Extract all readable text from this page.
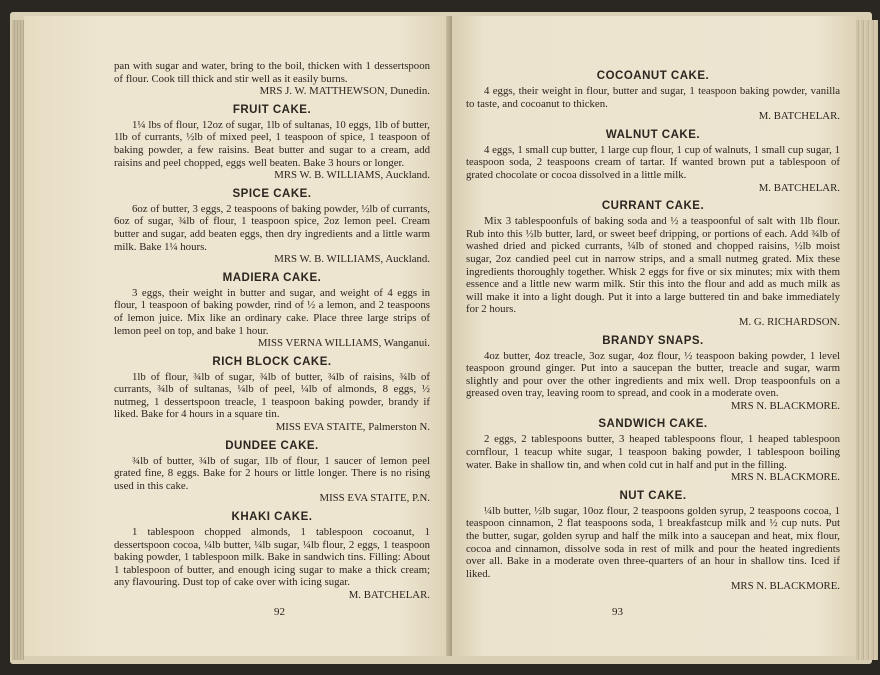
pan with sugar and water, bring to the boil, thicken with 1 dessertspoon of flour. Cook till thick and stir well as it easily burns.

MRS J. W. MATTHEWSON, Dunedin.

FRUIT CAKE.

1¼ lbs of flour, 12oz of sugar, 1lb of sultanas, 10 eggs, 1lb of butter, 1lb of currants, ½lb of mixed peel, 1 teaspoon of spice, 1 teaspoon of baking powder, a few raisins. Beat butter and sugar to a cream, add raisins and peel chopped, eggs well beaten. Bake 3 hours or longer.

MRS W. B. WILLIAMS, Auckland.

SPICE CAKE.

6oz of butter, 3 eggs, 2 teaspoons of baking powder, ½lb of currants, 6oz of sugar, ¾lb of flour, 1 teaspoon spice, 2oz lemon peel. Cream butter and sugar, add beaten eggs, then dry ingredients and a little warm milk. Bake 1¼ hours.

MRS W. B. WILLIAMS, Auckland.

MADIERA CAKE.

3 eggs, their weight in butter and sugar, and weight of 4 eggs in flour, 1 teaspoon of baking powder, rind of ½ a lemon, and 2 teaspoons of lemon juice. Mix like an ordinary cake. Place three large strips of lemon peel on top, and bake 1 hour.

MISS VERNA WILLIAMS, Wanganui.

RICH BLOCK CAKE.

1lb of flour, ¾lb of sugar, ¾lb of butter, ¾lb of raisins, ¾lb of currants, ¾lb of sultanas, ¼lb of peel, ¼lb of almonds, 8 eggs, ½ nutmeg, 1 dessertspoon treacle, 1 teaspoon baking powder, brandy if liked. Bake for 4 hours in a square tin.

MISS EVA STAITE, Palmerston N.

DUNDEE CAKE.

¾lb of butter, ¾lb of sugar, 1lb of flour, 1 saucer of lemon peel grated fine, 8 eggs. Bake for 2 hours or little longer. There is no rising used in this cake.

MISS EVA STAITE, P.N.

KHAKI CAKE.

1 tablespoon chopped almonds, 1 tablespoon cocoanut, 1 dessertspoon cocoa, ¼lb butter, ¼lb sugar, ¼lb flour, 2 eggs, 1 teaspoon baking powder, 1 tablespoon milk. Bake in sandwich tins. Filling: About 1 tablespoon of butter, and enough icing sugar to make a thick cream; any flavouring. Dust top of cake over with icing sugar.

M. BATCHELAR.

92

COCOANUT CAKE.

4 eggs, their weight in flour, butter and sugar, 1 teaspoon baking powder, vanilla to taste, and cocoanut to thicken.

M. BATCHELAR.

WALNUT CAKE.

4 eggs, 1 small cup butter, 1 large cup flour, 1 cup of walnuts, 1 small cup sugar, 1 teaspoon soda, 2 teaspoons cream of tartar. If wanted brown put a tablespoon of grated chocolate or cocoa dissolved in a little milk.

M. BATCHELAR.

CURRANT CAKE.

Mix 3 tablespoonfuls of baking soda and ½ a teaspoonful of salt with 1lb flour. Rub into this ½lb butter, lard, or sweet beef dripping, or portions of each. Add ¾lb of washed dried and picked currants, ¼lb of stoned and chopped raisins, ½lb moist sugar, 2oz candied peel cut in narrow strips, and a small nutmeg grated. Mix these ingredients thoroughly together. Whisk 2 eggs for five or six minutes; mix with them essence and a little new warm milk. Stir this into the flour and add as much milk as will make it into a light dough. Put it into a large buttered tin and bake immediately for 2 hours.

M. G. RICHARDSON.

BRANDY SNAPS.

4oz butter, 4oz treacle, 3oz sugar, 4oz flour, ½ teaspoon baking powder, 1 level teaspoon ground ginger. Put into a saucepan the butter, treacle and sugar, warm slightly and pour over the other ingredients and mix well. Drop teaspoonfuls on a greased oven tray, leaving room to spread, and cook in a moderate oven.

MRS N. BLACKMORE.

SANDWICH CAKE.

2 eggs, 2 tablespoons butter, 3 heaped tablespoons flour, 1 heaped tablespoon cornflour, 1 teacup white sugar, 1 teaspoon baking powder, 1 tablespoon boiling water. Bake in shallow tin, and when cold cut in half and put in the filling.

MRS N. BLACKMORE.

NUT CAKE.

¼lb butter, ½lb sugar, 10oz flour, 2 teaspoons golden syrup, 2 teaspoons cocoa, 1 teaspoon cinnamon, 2 flat teaspoons soda, 1 breakfastcup milk and ½ cup nuts. Put the butter, sugar, golden syrup and half the milk into a saucepan and heat, mix flour, cocoa and cinnamon, dissolve soda in rest of milk and pour the heated ingredients over all. Bake in a moderate oven three-quarters of an hour in shallow tins. Iced if liked.

MRS N. BLACKMORE.

93
